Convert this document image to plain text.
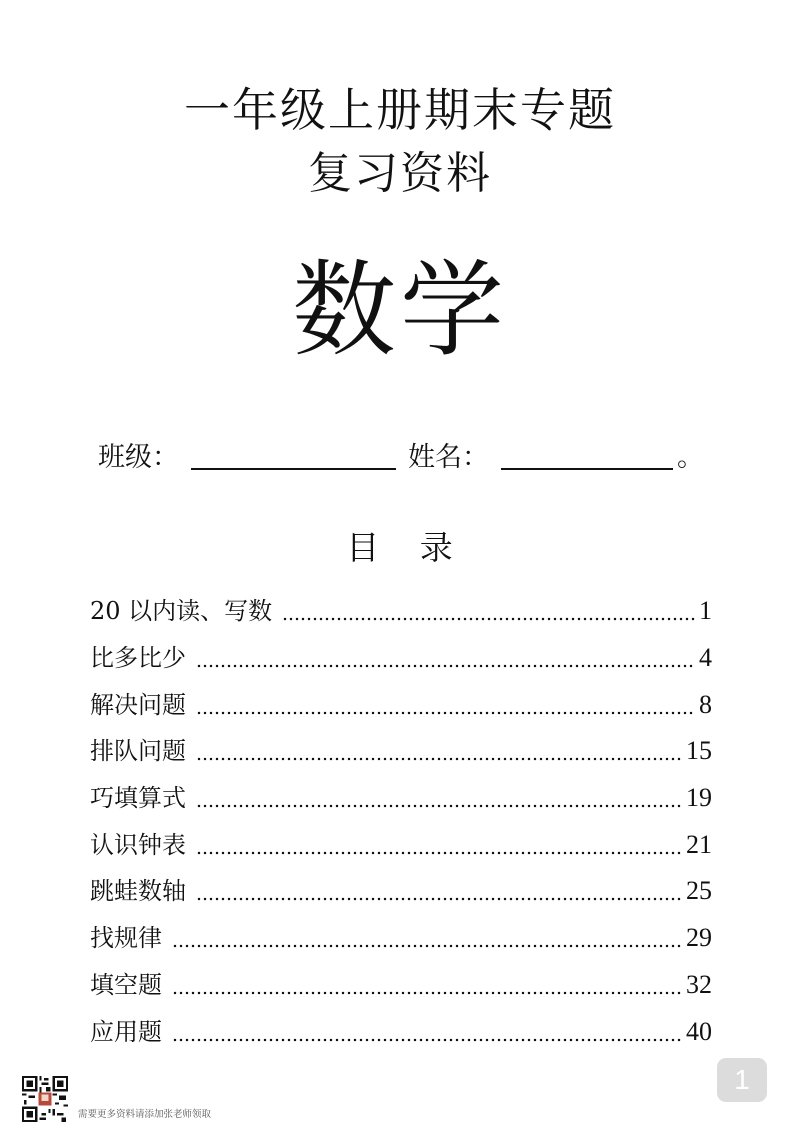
一年级上册期末专题
复习资料
数学
班级：	姓名：	。
目 录
20 以内读、写数	1
比多比少	4
解决问题	8
排队问题	15
巧填算式	19
认识钟表	21
跳蛙数轴	25
找规律	29
填空题	32
应用题	40
1
需要更多资料请添加张老师领取
